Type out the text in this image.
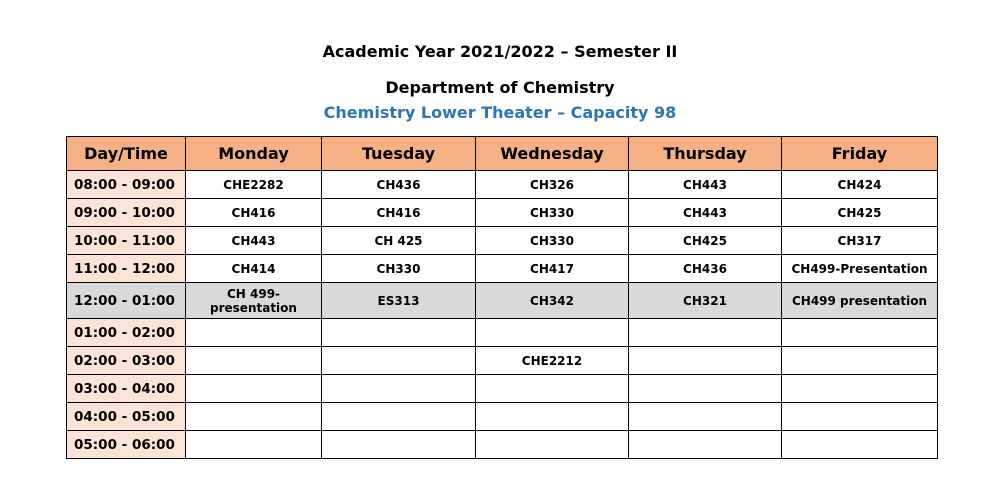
Academic Year 2021/2022 – Semester II
Department of Chemistry
Chemistry Lower Theater – Capacity 98
Day/Time	Monday	Tuesday	Wednesday	Thursday	Friday
08:00 - 09:00	CHE2282	CH436	CH326	CH443	CH424
09:00 - 10:00	CH416	CH416	CH330	CH443	CH425
10:00 - 11:00	CH443	CH 425	CH330	CH425	CH317
11:00 - 12:00	CH414	CH330	CH417	CH436	CH499-Presentation
12:00 - 01:00	CH 499-presentation	ES313	CH342	CH321	CH499 presentation
01:00 - 02:00					
02:00 - 03:00			CHE2212		
03:00 - 04:00					
04:00 - 05:00					
05:00 - 06:00					
